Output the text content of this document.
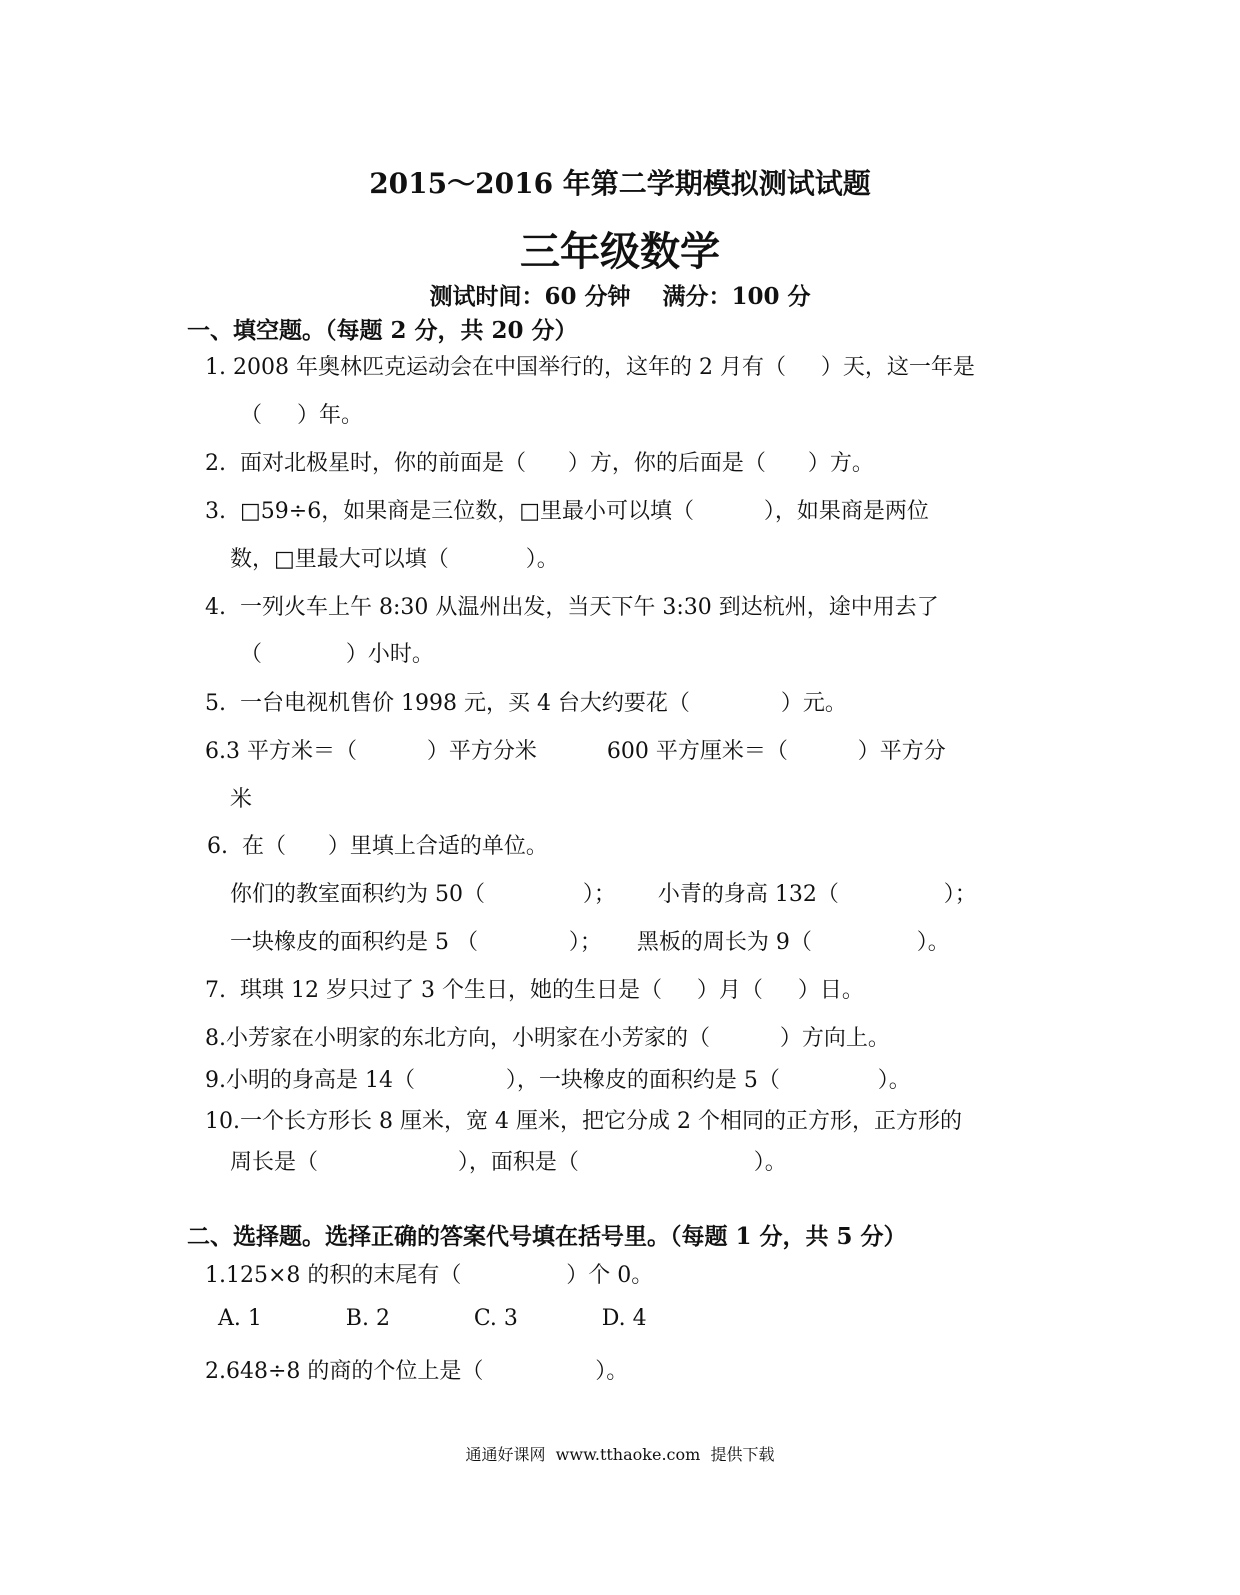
2015～2016 年第二学期模拟测试试题
三年级数学
测试时间：60 分钟    满分：100 分
一、填空题。（每题 2 分，共 20 分）
1. 2008 年奥林匹克运动会在中国举行的，这年的 2 月有（     ）天，这一年是
（     ）年。
2.  面对北极星时，你的前面是（      ）方，你的后面是（      ）方。
3.  □59÷6，如果商是三位数，□里最小可以填（          ），如果商是两位
数，□里最大可以填（           ）。
4.  一列火车上午 8:30 从温州出发，当天下午 3:30 到达杭州，途中用去了
（            ）小时。
5.  一台电视机售价 1998 元，买 4 台大约要花（             ）元。
6.3 平方米＝（          ）平方分米          600 平方厘米＝（          ）平方分
米
6.  在（      ）里填上合适的单位。
你们的教室面积约为 50（              ）；      小青的身高 132（               ）；
一块橡皮的面积约是 5 （             ）；     黑板的周长为 9（               ）。
7.  琪琪 12 岁只过了 3 个生日，她的生日是（     ）月（     ）日。
8.小芳家在小明家的东北方向，小明家在小芳家的（          ）方向上。
9.小明的身高是 14（             ），一块橡皮的面积约是 5（              ）。
10.一个长方形长 8 厘米，宽 4 厘米，把它分成 2 个相同的正方形，正方形的
周长是（                    ），面积是（                         ）。
二、选择题。选择正确的答案代号填在括号里。（每题 1 分，共 5 分）
1.125×8 的积的末尾有（               ）个 0。
A. 1            B. 2            C. 3            D. 4
2.648÷8 的商的个位上是（                ）。
通通好课网  www.tthaoke.com  提供下载
